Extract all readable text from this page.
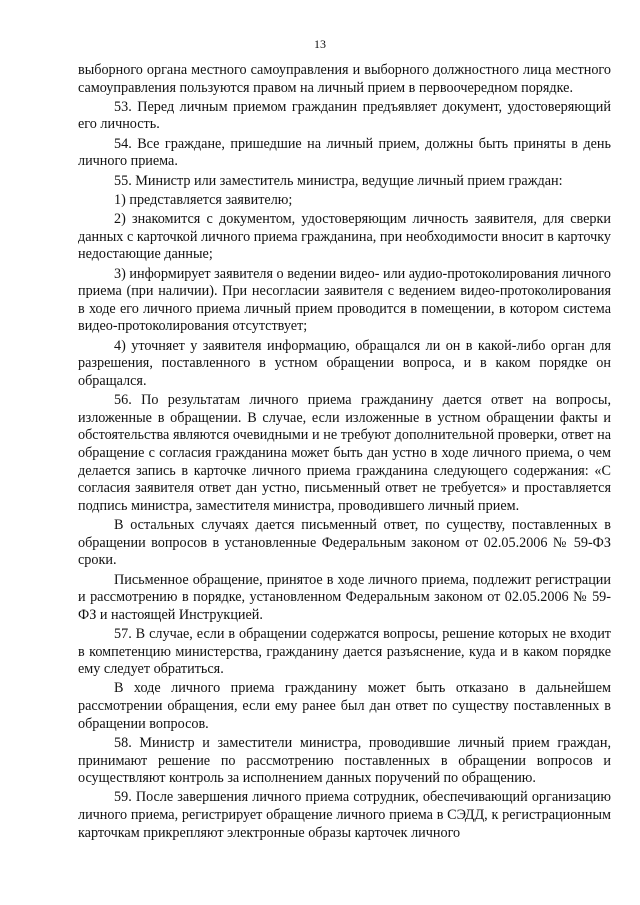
13

выборного органа местного самоуправления и выборного должностного лица местного самоуправления пользуются правом на личный прием в первоочередном порядке.

53. Перед личным приемом гражданин предъявляет документ, удостоверяющий его личность.

54. Все граждане, пришедшие на личный прием, должны быть приняты в день личного приема.

55. Министр или заместитель министра, ведущие личный прием граждан:

1) представляется заявителю;

2) знакомится с документом, удостоверяющим личность заявителя, для сверки данных с карточкой личного приема гражданина, при необходимости вносит в карточку недостающие данные;

3) информирует заявителя о ведении видео- или аудио-протоколирования личного приема (при наличии). При несогласии заявителя с ведением видео-протоколирования в ходе его личного приема личный прием проводится в помещении, в котором система видео-протоколирования отсутствует;

4) уточняет у заявителя информацию, обращался ли он в какой-либо орган для разрешения, поставленного в устном обращении вопроса, и в каком порядке он обращался.

56. По результатам личного приема гражданину дается ответ на вопросы, изложенные в обращении. В случае, если изложенные в устном обращении факты и обстоятельства являются очевидными и не требуют дополнительной проверки, ответ на обращение с согласия гражданина может быть дан устно в ходе личного приема, о чем делается запись в карточке личного приема гражданина следующего содержания: «С согласия заявителя ответ дан устно, письменный ответ не требуется» и проставляется подпись министра, заместителя министра, проводившего личный прием.

В остальных случаях дается письменный ответ, по существу, поставленных в обращении вопросов в установленные Федеральным законом от 02.05.2006 № 59-ФЗ сроки.

Письменное обращение, принятое в ходе личного приема, подлежит регистрации и рассмотрению в порядке, установленном Федеральным законом от 02.05.2006 № 59-ФЗ и настоящей Инструкцией.

57. В случае, если в обращении содержатся вопросы, решение которых не входит в компетенцию министерства, гражданину дается разъяснение, куда и в каком порядке ему следует обратиться.

В ходе личного приема гражданину может быть отказано в дальнейшем рассмотрении обращения, если ему ранее был дан ответ по существу поставленных в обращении вопросов.

58. Министр и заместители министра, проводившие личный прием граждан, принимают решение по рассмотрению поставленных в обращении вопросов и осуществляют контроль за исполнением данных поручений по обращению.

59. После завершения личного приема сотрудник, обеспечивающий организацию личного приема, регистрирует обращение личного приема в СЭДД, к регистрационным карточкам прикрепляют электронные образы карточек личного
